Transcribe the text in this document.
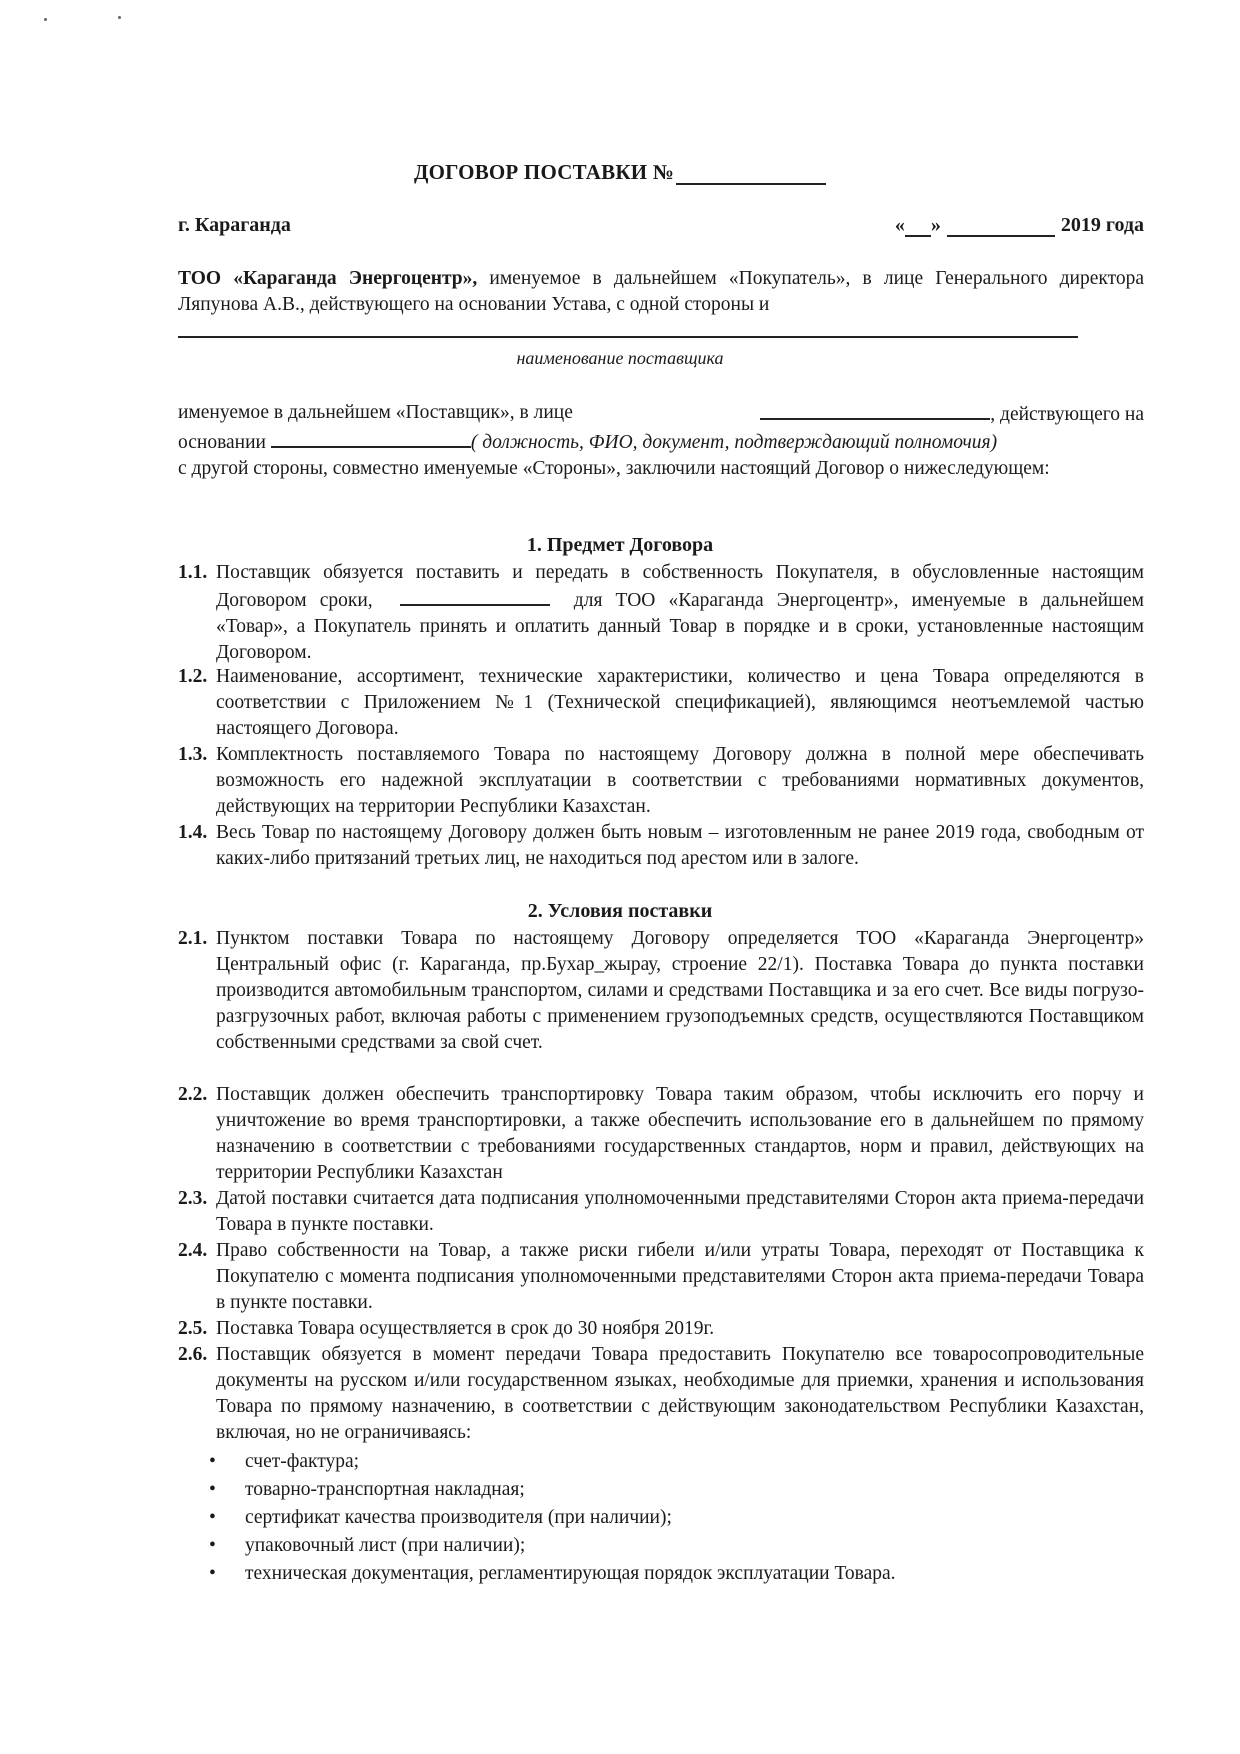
ДОГОВОР ПОСТАВКИ №
г. Караганда	« »	2019 года
ТОО «Караганда Энергоцентр», именуемое в дальнейшем «Покупатель», в лице Генерального директора Ляпунова А.В., действующего на основании Устава, с одной стороны и
наименование поставщика
именуемое в дальнейшем «Поставщик», в лице	, действующего на
основании	( должность, ФИО, документ, подтверждающий полномочия)
с другой стороны, совместно именуемые «Стороны», заключили настоящий Договор о нижеследующем:
1. Предмет Договора
1.1. Поставщик обязуется поставить и передать в собственность Покупателя, в обусловленные настоящим Договором сроки,	для ТОО «Караганда Энергоцентр», именуемые в дальнейшем «Товар», а Покупатель принять и оплатить данный Товар в порядке и в сроки, установленные настоящим Договором.
1.2. Наименование, ассортимент, технические характеристики, количество и цена Товара определяются в соответствии с Приложением №1 (Технической спецификацией), являющимся неотъемлемой частью настоящего Договора.
1.3. Комплектность поставляемого Товара по настоящему Договору должна в полной мере обеспечивать возможность его надежной эксплуатации в соответствии с требованиями нормативных документов, действующих на территории Республики Казахстан.
1.4. Весь Товар по настоящему Договору должен быть новым – изготовленным не ранее 2019 года, свободным от каких-либо притязаний третьих лиц, не находиться под арестом или в залоге.
2. Условия поставки
2.1. Пунктом поставки Товара по настоящему Договору определяется ТОО «Караганда Энергоцентр» Центральный офис (г. Караганда, пр.Бухар_жырау, строение 22/1). Поставка Товара до пункта поставки производится автомобильным транспортом, силами и средствами Поставщика и за его счет. Все виды погрузо-разгрузочных работ, включая работы с применением грузоподъемных средств, осуществляются Поставщиком собственными средствами за свой счет.
2.2. Поставщик должен обеспечить транспортировку Товара таким образом, чтобы исключить его порчу и уничтожение во время транспортировки, а также обеспечить использование его в дальнейшем по прямому назначению в соответствии с требованиями государственных стандартов, норм и правил, действующих на территории Республики Казахстан
2.3. Датой поставки считается дата подписания уполномоченными представителями Сторон акта приема-передачи Товара в пункте поставки.
2.4. Право собственности на Товар, а также риски гибели и/или утраты Товара, переходят от Поставщика к Покупателю с момента подписания уполномоченными представителями Сторон акта приема-передачи Товара в пункте поставки.
2.5. Поставка Товара осуществляется в срок до 30 ноября 2019г.
2.6. Поставщик обязуется в момент передачи Товара предоставить Покупателю все товаросопроводительные документы на русском и/или государственном языках, необходимые для приемки, хранения и использования Товара по прямому назначению, в соответствии с действующим законодательством Республики Казахстан, включая, но не ограничиваясь:
• счет-фактура;
• товарно-транспортная накладная;
• сертификат качества производителя (при наличии);
• упаковочный лист (при наличии);
• техническая документация, регламентирующая порядок эксплуатации Товара.
